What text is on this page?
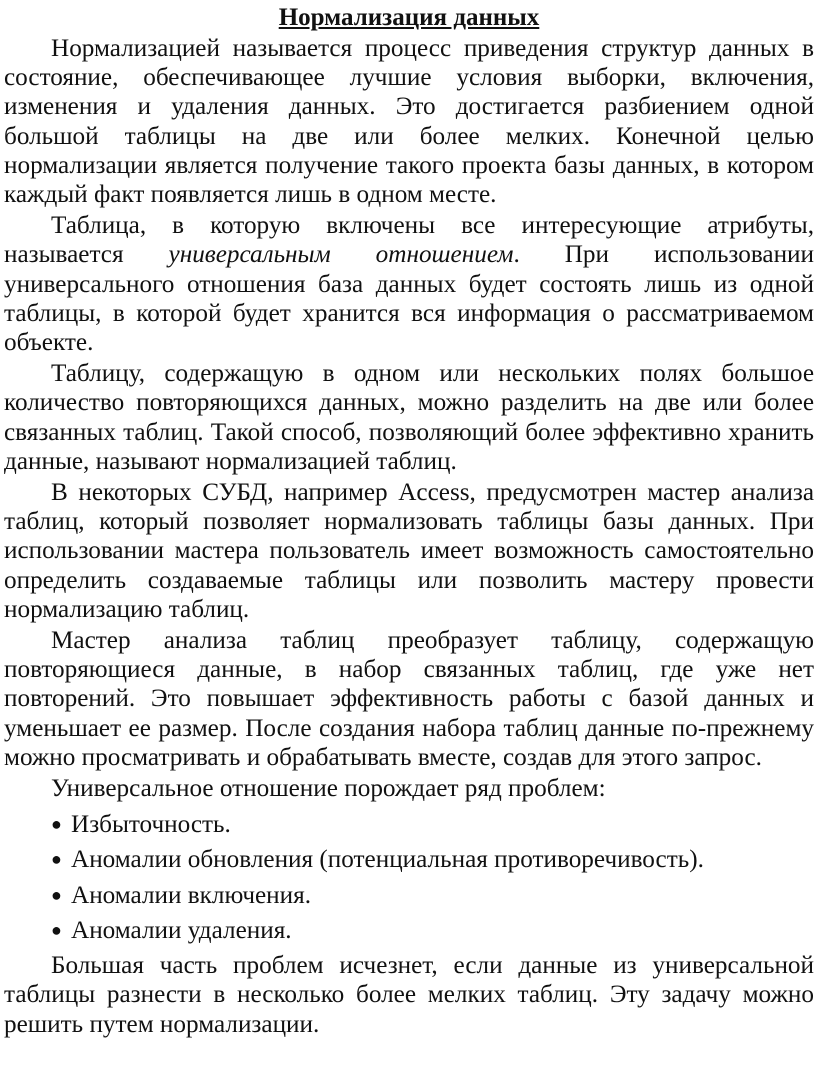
Нормализация данных

Нормализацией называется процесс приведения структур данных в состояние, обеспечивающее лучшие условия выборки, включения, изменения и удаления данных. Это достигается разбиением одной большой таблицы на две или более мелких. Конечной целью нормализации является получение такого проекта базы данных, в котором каждый факт появляется лишь в одном месте.

Таблица, в которую включены все интересующие атрибуты, называется универсальным отношением. При использовании универсального отношения база данных будет состоять лишь из одной таблицы, в которой будет хранится вся информация о рассматриваемом объекте.

Таблицу, содержащую в одном или нескольких полях большое количество повторяющихся данных, можно разделить на две или более связанных таблиц. Такой способ, позволяющий более эффективно хранить данные, называют нормализацией таблиц.

В некоторых СУБД, например Access, предусмотрен мастер анализа таблиц, который позволяет нормализовать таблицы базы данных. При использовании мастера пользователь имеет возможность самостоятельно определить создаваемые таблицы или позволить мастеру провести нормализацию таблиц.

Мастер анализа таблиц преобразует таблицу, содержащую повторяющиеся данные, в набор связанных таблиц, где уже нет повторений. Это повышает эффективность работы с базой данных и уменьшает ее размер. После создания набора таблиц данные по-прежнему можно просматривать и обрабатывать вместе, создав для этого запрос.

Универсальное отношение порождает ряд проблем:

● Избыточность.
● Аномалии обновления (потенциальная противоречивость).
● Аномалии включения.
● Аномалии удаления.

Большая часть проблем исчезнет, если данные из универсальной таблицы разнести в несколько более мелких таблиц. Эту задачу можно решить путем нормализации.
